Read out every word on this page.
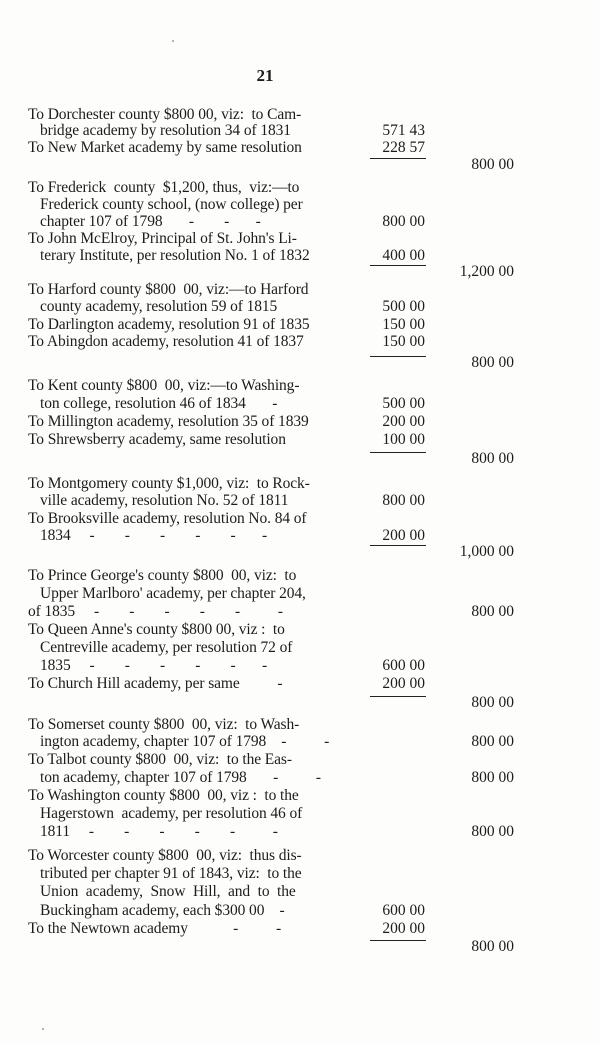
21
To Dorchester county $800 00, viz:  to Cam-
bridge academy by resolution 34 of 1831	571 43
To New Market academy by same resolution	228 57
800 00
To Frederick  county  $1,200, thus,  viz:—to
Frederick county school, (now college) per
chapter 107 of 1798       -        -       -	800 00
To John McElroy, Principal of St. John's Li-
terary Institute, per resolution No. 1 of 1832	400 00
1,200 00
To Harford county $800  00, viz:—to Harford
county academy, resolution 59 of 1815	500 00
To Darlington academy, resolution 91 of 1835	150 00
To Abingdon academy, resolution 41 of 1837	150 00
800 00
To Kent county $800  00, viz:—to Washing-
ton college, resolution 46 of 1834       -	500 00
To Millington academy, resolution 35 of 1839	200 00
To Shrewsberry academy, same resolution	100 00
800 00
To Montgomery county $1,000, viz:  to Rock-
ville academy, resolution No. 52 of 1811	800 00
To Brooksville academy, resolution No. 84 of
1834     -        -        -        -        -       -	200 00
1,000 00
To Prince George's county $800  00, viz:  to
Upper Marlboro' academy, per chapter 204,
of 1835     -        -        -        -        -          -	800 00
To Queen Anne's county $800 00, viz :  to
Centreville academy, per resolution 72 of
1835     -        -        -        -        -       -	600 00
To Church Hill academy, per same          -	200 00
800 00
To Somerset county $800  00, viz:  to Wash-
ington academy, chapter 107 of 1798    -          -	800 00
To Talbot county $800  00, viz:  to the Eas-
ton academy, chapter 107 of 1798       -          -	800 00
To Washington county $800  00, viz :  to the
Hagerstown  academy, per resolution 46 of
1811     -        -        -        -        -          -	800 00
To Worcester county $800  00, viz:  thus dis-
tributed per chapter 91 of 1843, viz:  to the
Union  academy,  Snow  Hill,  and  to  the
Buckingham academy, each $300 00    -	600 00
To the Newtown academy            -          -	200 00
800 00
